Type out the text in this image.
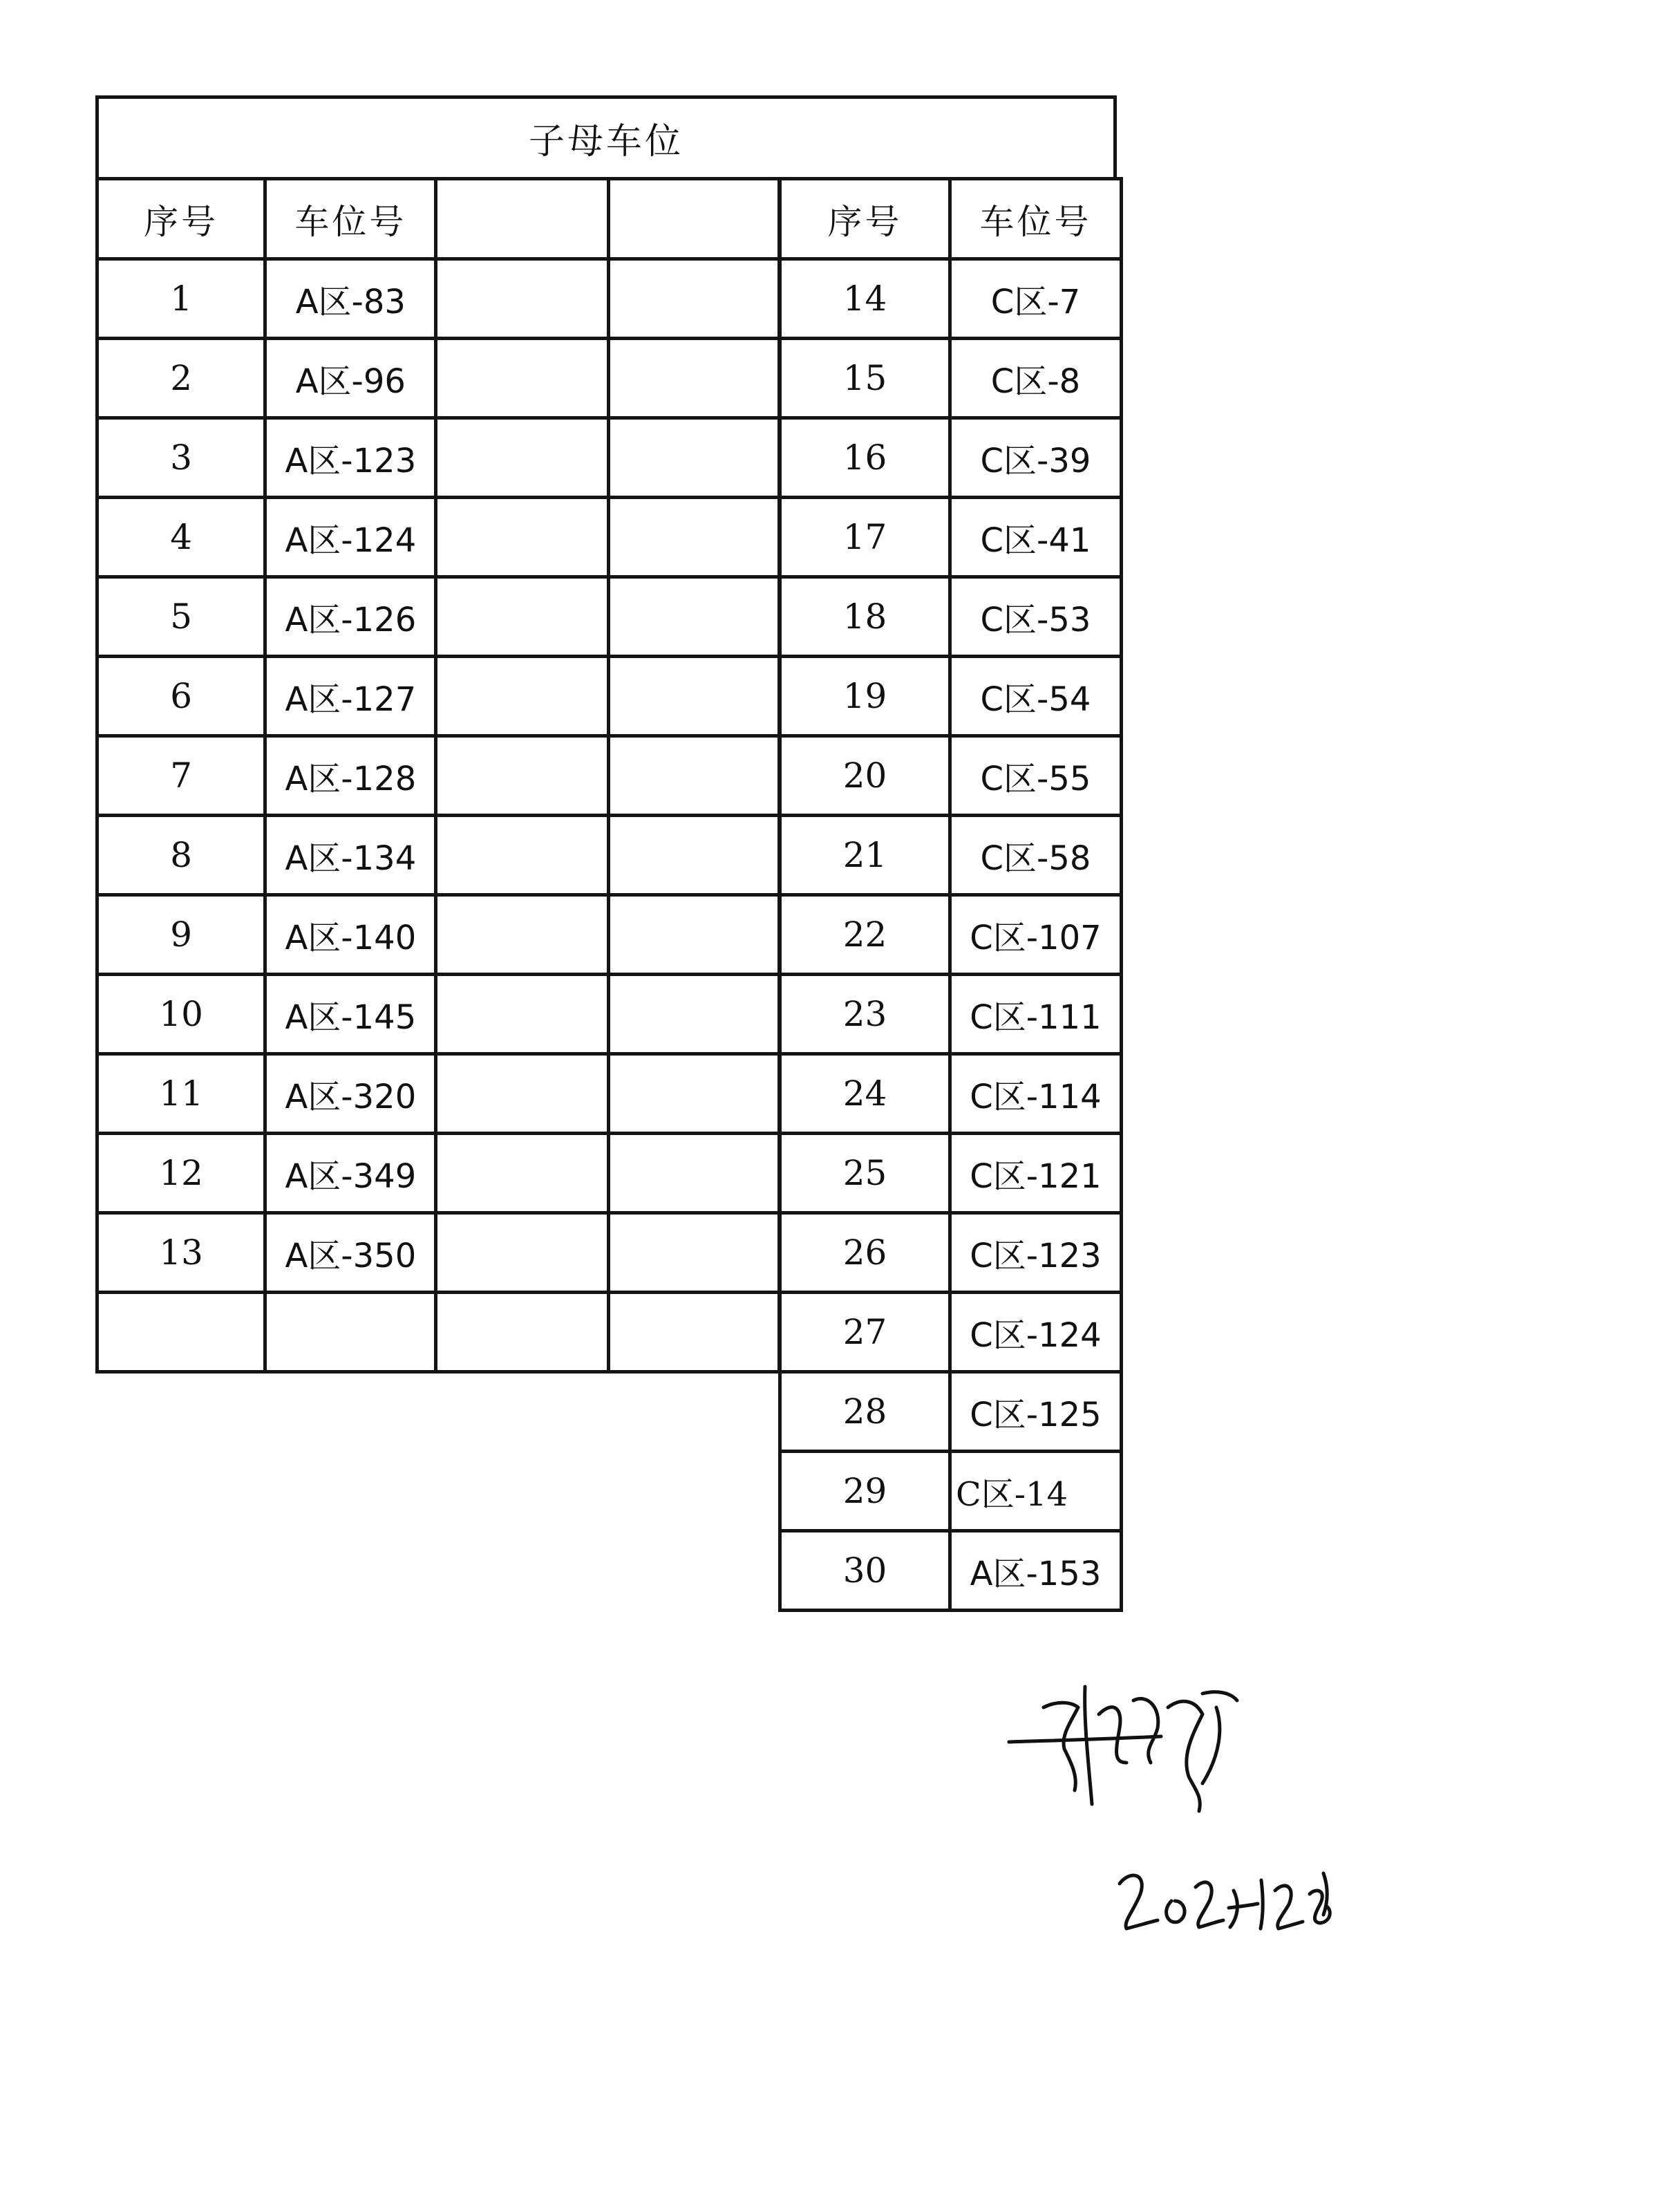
子母车位
序号	车位号		
1	A区-83		
2	A区-96		
3	A区-123		
4	A区-124		
5	A区-126		
6	A区-127		
7	A区-128		
8	A区-134		
9	A区-140		
10	A区-145		
11	A区-320		
12	A区-349		
13	A区-350		

序号	车位号
14	C区-7
15	C区-8
16	C区-39
17	C区-41
18	C区-53
19	C区-54
20	C区-55
21	C区-58
22	C区-107
23	C区-111
24	C区-114
25	C区-121
26	C区-123
27	C区-124
28	C区-125
29	C区-14
30	A区-153
